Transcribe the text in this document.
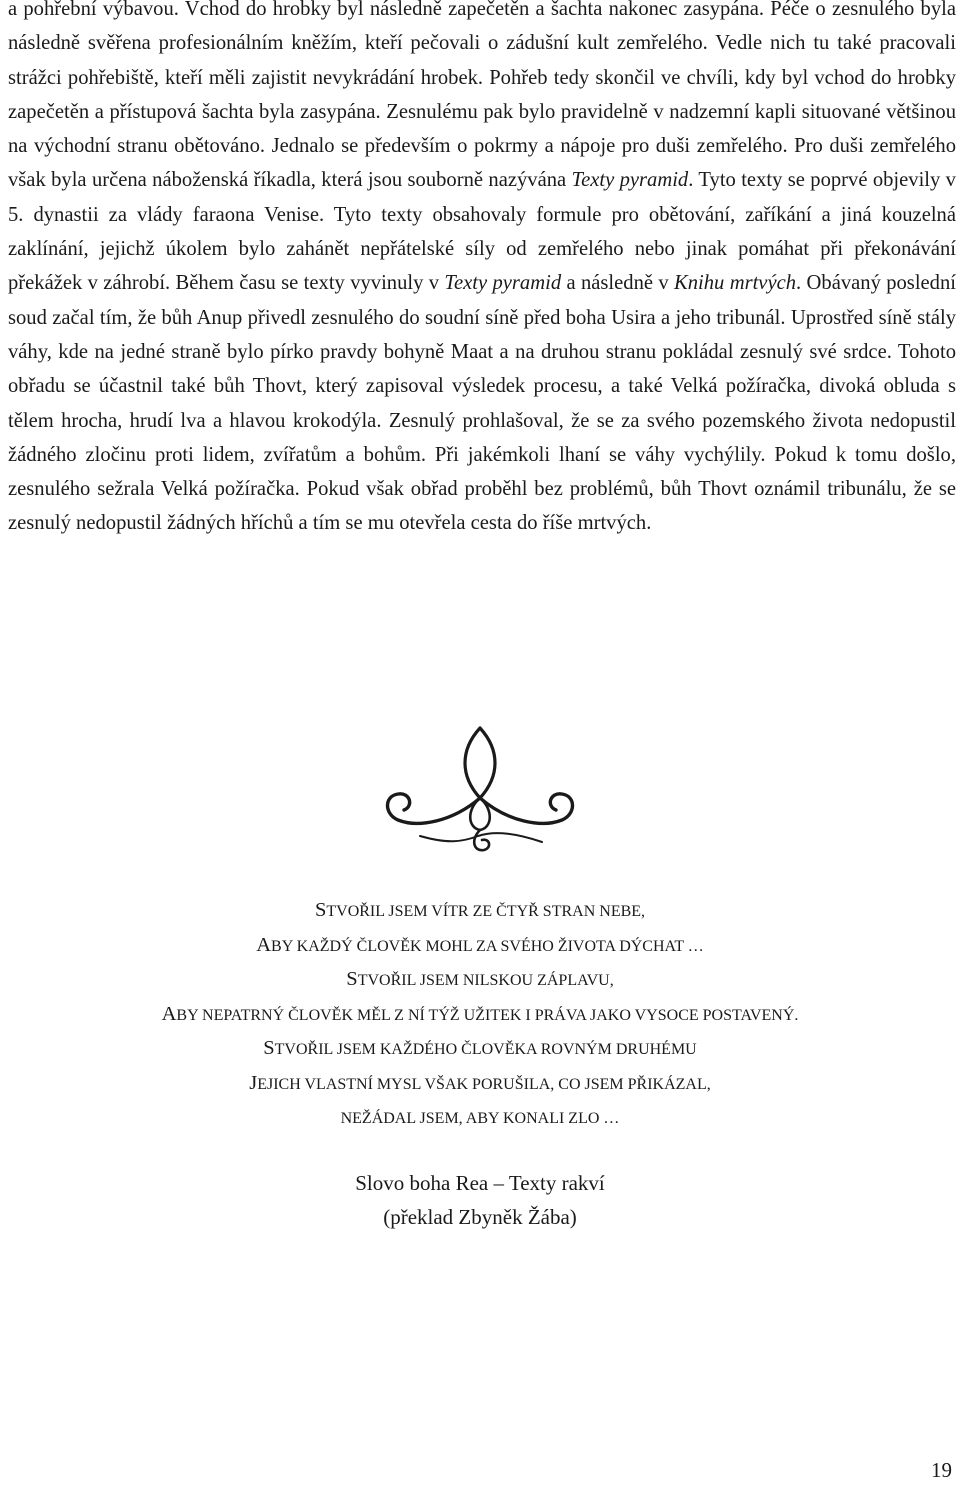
a pohřební výbavou. Vchod do hrobky byl následně zapečetěn a šachta nakonec zasypána. Péče o zesnulého byla následně svěřena profesionálním kněžím, kteří pečovali o zádušní kult zemřelého. Vedle nich tu také pracovali strážci pohřebiště, kteří měli zajistit nevykrádání hrobek. Pohřeb tedy skončil ve chvíli, kdy byl vchod do hrobky zapečetěn a přístupová šachta byla zasypána. Zesnulému pak bylo pravidelně v nadzemní kapli situované většinou na východní stranu obětováno. Jednalo se především o pokrmy a nápoje pro duši zemřelého. Pro duši zemřelého však byla určena náboženská říkadla, která jsou souborně nazývána Texty pyramid. Tyto texty se poprvé objevily v 5. dynastii za vlády faraona Venise. Tyto texty obsahovaly formule pro obětování, zaříkání a jiná kouzelná zaklínání, jejichž úkolem bylo zahánět nepřátelské síly od zemřelého nebo jinak pomáhat při překonávání překážek v záhrobí. Během času se texty vyvinuly v Texty pyramid a následně v Knihu mrtvých. Obávaný poslední soud začal tím, že bůh Anup přivedl zesnulého do soudní síně před boha Usira a jeho tribunál. Uprostřed síně stály váhy, kde na jedné straně bylo pírko pravdy bohyně Maat a na druhou stranu pokládal zesnulý své srdce. Tohoto obřadu se účastnil také bůh Thovt, který zapisoval výsledek procesu, a také Velká požíračka, divoká obluda s tělem hrocha, hrudí lva a hlavou krokodýla. Zesnulý prohlašoval, že se za svého pozemského života nedopustil žádného zločinu proti lidem, zvířatům a bohům. Při jakémkoli lhaní se váhy vychýlily. Pokud k tomu došlo, zesnulého sežrala Velká požíračka. Pokud však obřad proběhl bez problémů, bůh Thovt oznámil tribunálu, že se zesnulý nedopustil žádných hříchů a tím se mu otevřela cesta do říše mrtvých.

STVOŘIL JSEM VÍTR ZE ČTYŘ STRAN NEBE,
ABY KAŽDÝ ČLOVĚK MOHL ZA SVÉHO ŽIVOTA DÝCHAT …
STVOŘIL JSEM NILSKOU ZÁPLAVU,
ABY NEPATRNÝ ČLOVĚK MĚL Z NÍ TÝŽ UŽITEK I PRÁVA JAKO VYSOCE POSTAVENÝ.
STVOŘIL JSEM KAŽDÉHO ČLOVĚKA ROVNÝM DRUHÉMU
JEJICH VLASTNÍ MYSL VŠAK PORUŠILA, CO JSEM PŘIKÁZAL,
NEŽÁDAL JSEM, ABY KONALI ZLO …
Slovo boha Rea – Texty rakví
(překlad Zbyněk Žába)
19
